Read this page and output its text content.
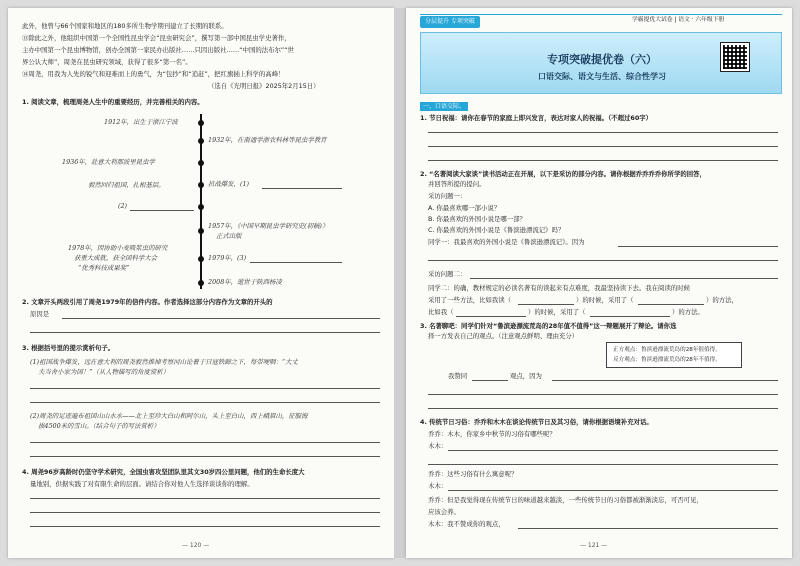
此外，他曾与66个国家和地区的180多所生物学期刊建立了长期的联系。
⑬除此之外，他组织中国第一个全国性昆虫学会“昆虫研究会”，撰写第一部中国昆虫学史著作，
主办中国第一个昆虫博物馆，创办全国第一家民办出版社……只因出版社……“中国的法布尔”“世
界公认大师”，周尧在昆虫研究领域，获得了很多“第一名”。
⑭周尧，用我为人先的锐气和迎难而上的勇气，为“包抄”和“追赶”，把红旗插上科学的高峰！
（选自《光明日报》2025年2月15日）
1. 阅读文章，梳理周尧人生中的重要经历，并完善相关的内容。
1912年，出生于浙江宁波
1932年，在南通学浙农科林等昆虫学教育
1936年，赴意大利那波里昆虫学
抗战爆发，(1)
毅然回归祖国，扎根基层。
(2)
1957年，《中国早期昆虫学研究史(初稿)》
正式出版
1978年，因协助小麦吸浆虫的研究
获重大成就，获全国科学大会
“优秀科技成果奖”
1979年，(3)
2008年，逝世于陕西杨凌
2. 文章开头两段引用了周尧1979年的信件内容。作者选择这部分内容作为文章的开头的
原因是
3. 根据括号里的提示赏析句子。
(1)祖国战争爆发，远在意大利的周尧毅然推掉考察河山论着于日寇铁蹄之下，每带哽咽：“大丈
夫当舍小家为国！”（从人物描写的角度赏析）
(2)周尧的足迹遍布祖国山山水水——北上至珍大白山和阿尔山，头上至白山，西上峨眉山，征服海
拔4500米的雪山。（结合句子的写法赏析）
4. 周尧96岁高龄时仍坚守学术研究，全国虫害攻坚团队里其文30岁四公里问题，他们的生命长度大
量地别，供据实践了对有限生命的层面。请结合你对他人生选择谈谈你的理解。
— 120 —
分层提升 专项突破	学霸提优大试卷 | 语文 · 六年级下册
专项突破提优卷（六）
口语交际、语文与生活、综合性学习
一、口语交际。
1. 节日祝福：请你在春节的家庭上即兴发言，表达对家人的祝福。（不超过60字）
2. “名著阅读大家谈”读书活动正在开展，以下是采访的部分内容。请你根据乔乔乔乔你所学的回答，
并回答所提的提问。
采访问题一：
A. 你最喜欢哪一部小说？
B. 你最喜欢的外国小说是哪一部？
C. 你最喜欢的外国小说是《鲁滨逊漂流记》吗？
同学一：我最喜欢的外国小说是《鲁滨逊漂流记》。因为
采访问题二：
同学二：的确，教材规定的必读名著有的读起来有点难度，我最坚持读下去。我在阅读的时候
采用了一些方法，比如我读（	）的时候，采用了（	）的方法，
比如我（	）的时候，采用了（	）的方法。
3. 名著聊吧：同学们针对“鲁滨逊漂流荒岛的28年值不值得”这一辩题展开了辩论。请你选
择一方发表自己的观点。（注意观点鲜明、理由充分）
正方观点：鲁滨逊漂流荒岛的28年很值得。
反方观点：鲁滨逊漂流荒岛的28年不值得。
我赞同	观点，因为
4. 传统节日习俗：乔乔和木木在谈论传统节日及其习俗，请你根据语境补充对话。
乔乔：木木，你家乡中秋节的习俗有哪些呢？
木木：
乔乔：这些习俗有什么寓意呢？
木木：
乔乔：但是我觉得现在传统节日的味道越来越淡，一些传统节日的习俗都被渐渐淡忘，可否可见，
应该会养。
木木：我不赞成你的观点，
— 121 —
